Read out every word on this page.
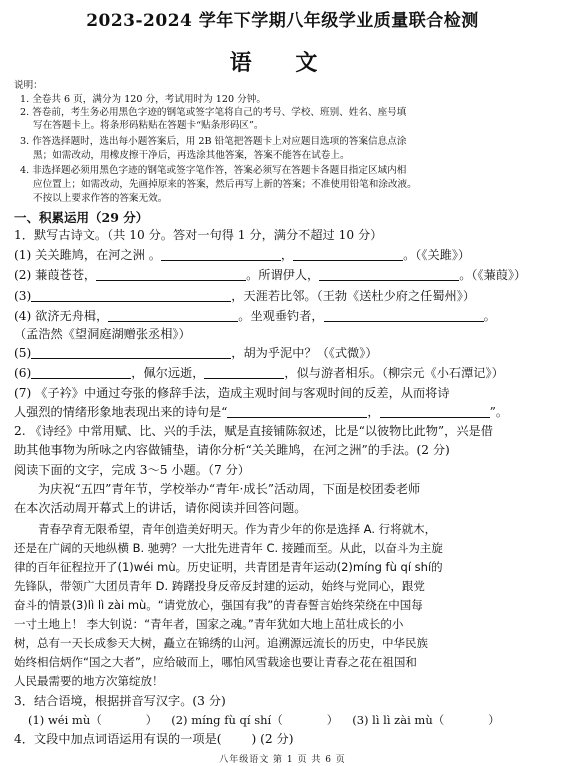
2023-2024 学年下学期八年级学业质量联合检测
语 文
说明：
1. 全卷共 6 页，满分为 120 分，考试用时为 120 分钟。
2. 答卷前，考生务必用黑色字迹的钢笔或签字笔将自己的考号、学校、班别、姓名、座号填
写在答题卡上。将条形码粘贴在答题卡“贴条形码区”。
3. 作答选择题时，选出每小题答案后，用 2B 铅笔把答题卡上对应题目选项的答案信息点涂
黑；如需改动，用橡皮擦干净后，再选涂其他答案，答案不能答在试卷上。
4. 非选择题必须用黑色字迹的钢笔或签字笔作答，答案必须写在答题卡各题目指定区域内相
应位置上；如需改动，先画掉原来的答案，然后再写上新的答案；不准使用铅笔和涂改液。
不按以上要求作答的答案无效。
一、积累运用（29 分）
1．默写古诗文。（共 10 分。答对一句得 1 分，满分不超过 10 分）
(1) 关关雎鸠，在河之洲 。	，	。（《关雎》）
(2) 蒹葭苍苍，	。所谓伊人，	。（《蒹葭》）
(3)	，天涯若比邻。（王勃《送杜少府之任蜀州》）
(4) 欲济无舟楫，	。坐观垂钓者，	。
（孟浩然《望洞庭湖赠张丞相》）
(5)	，胡为乎泥中？（《式微》）
(6)	，佩尔远逝，	，似与游者相乐。（柳宗元《小石潭记》）
(7) 《子衿》中通过夸张的修辞手法，造成主观时间与客观时间的反差，从而将诗
人强烈的情绪形象地表现出来的诗句是“	，	”。
2. 《诗经》中常用赋、比、兴的手法，赋是直接铺陈叙述，比是“以彼物比此物”，兴是借
助其他事物为所咏之内容做铺垫，请你分析“关关雎鸠，在河之洲”的手法。(2 分)
阅读下面的文字，完成 3～5 小题。（7 分）
为庆祝“五四”青年节，学校举办“青年·成长”活动周，下面是校团委老师
在本次活动周开幕式上的讲话，请你阅读并回答问题。
青春孕育无限希望，青年创造美好明天。作为青少年的你是选择 A. 行将就木，
还是在广阔的天地纵横 B. 驰骋？一大批先进青年 C. 接踵而至。从此，以奋斗为主旋
律的百年征程拉开了(1)wéi mù。历史证明，共青团是青年运动(2)míng fù qí shí的
先锋队，带领广大团员青年 D. 踌躇投身反帝反封建的运动，始终与党同心，跟党
奋斗的情景(3)lì lì zài mù。“请党放心，强国有我”的青春誓言始终荣绕在中国每
一寸土地上！ 李大钊说：“青年者，国家之魂。”青年犹如大地上茁壮成长的小
树，总有一天长成参天大树，矗立在锦绣的山河。追溯源远流长的历史，中华民族
始终相信炳作“国之大者”，应给破而上，哪怕风雪载途也要让青春之花在祖国和
人民最需要的地方次第绽放！
3．结合语境，根据拼音写汉字。(3 分)
(1) wéi mù（	） (2) míng fù qí shí（	） (3) lì lì zài mù（	）
4．文段中加点词语运用有误的一项是( ) (2 分)
八年级语文 第 1 页 共 6 页
